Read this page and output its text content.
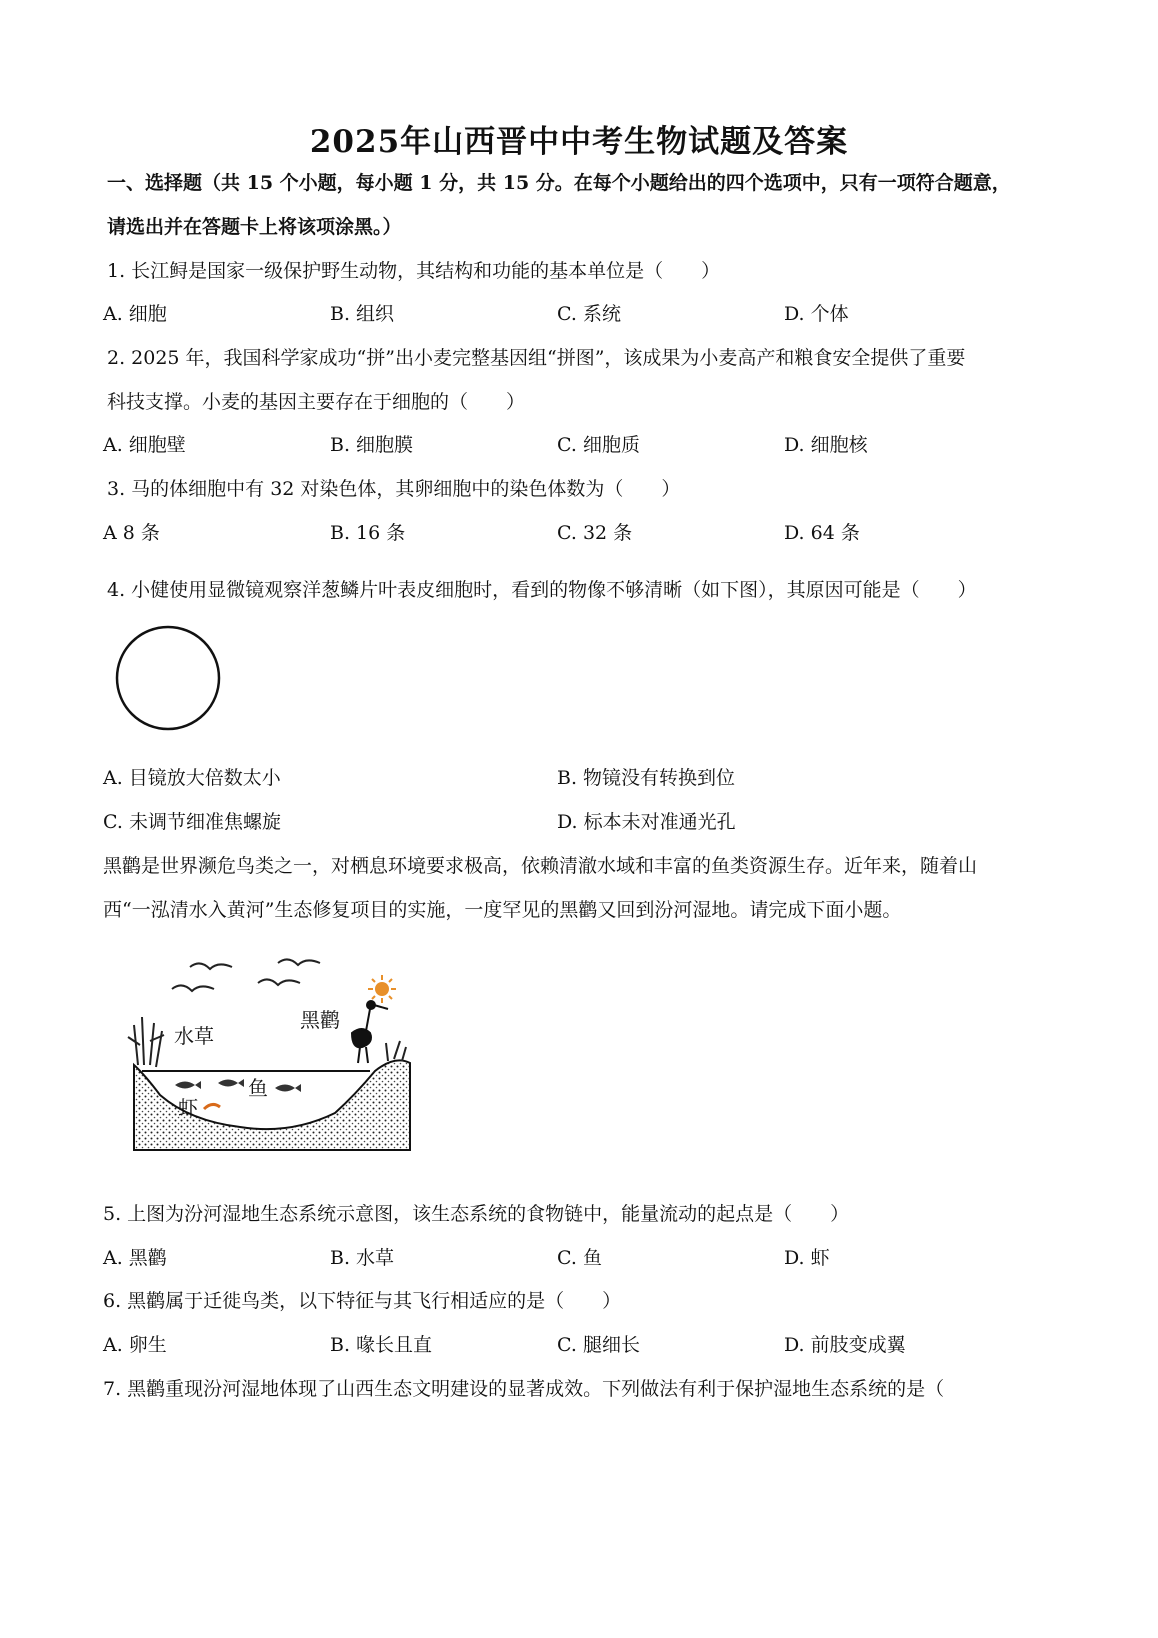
2025年山西晋中中考生物试题及答案
一、选择题（共 15 个小题，每小题 1 分，共 15 分。在每个小题给出的四个选项中，只有一项符合题意，
请选出并在答题卡上将该项涂黑。）
1. 长江鲟是国家一级保护野生动物，其结构和功能的基本单位是（　　）
A. 细胞	B. 组织	C. 系统	D. 个体
2. 2025 年，我国科学家成功“拼”出小麦完整基因组“拼图”，该成果为小麦高产和粮食安全提供了重要
科技支撑。小麦的基因主要存在于细胞的（　　）
A. 细胞壁	B. 细胞膜	C. 细胞质	D. 细胞核
3. 马的体细胞中有 32 对染色体，其卵细胞中的染色体数为（　　）
A 8 条	B. 16 条	C. 32 条	D. 64 条
4. 小健使用显微镜观察洋葱鳞片叶表皮细胞时，看到的物像不够清晰（如下图），其原因可能是（　　）
A. 目镜放大倍数太小	B. 物镜没有转换到位
C. 未调节细准焦螺旋	D. 标本未对准通光孔
黑鹳是世界濒危鸟类之一，对栖息环境要求极高，依赖清澈水域和丰富的鱼类资源生存。近年来，随着山
西“一泓清水入黄河”生态修复项目的实施，一度罕见的黑鹳又回到汾河湿地。请完成下面小题。
水草
黑鹳
鱼
虾
5. 上图为汾河湿地生态系统示意图，该生态系统的食物链中，能量流动的起点是（　　）
A. 黑鹳	B. 水草	C. 鱼	D. 虾
6. 黑鹳属于迁徙鸟类，以下特征与其飞行相适应的是（　　）
A. 卵生	B. 喙长且直	C. 腿细长	D. 前肢变成翼
7. 黑鹳重现汾河湿地体现了山西生态文明建设的显著成效。下列做法有利于保护湿地生态系统的是（
